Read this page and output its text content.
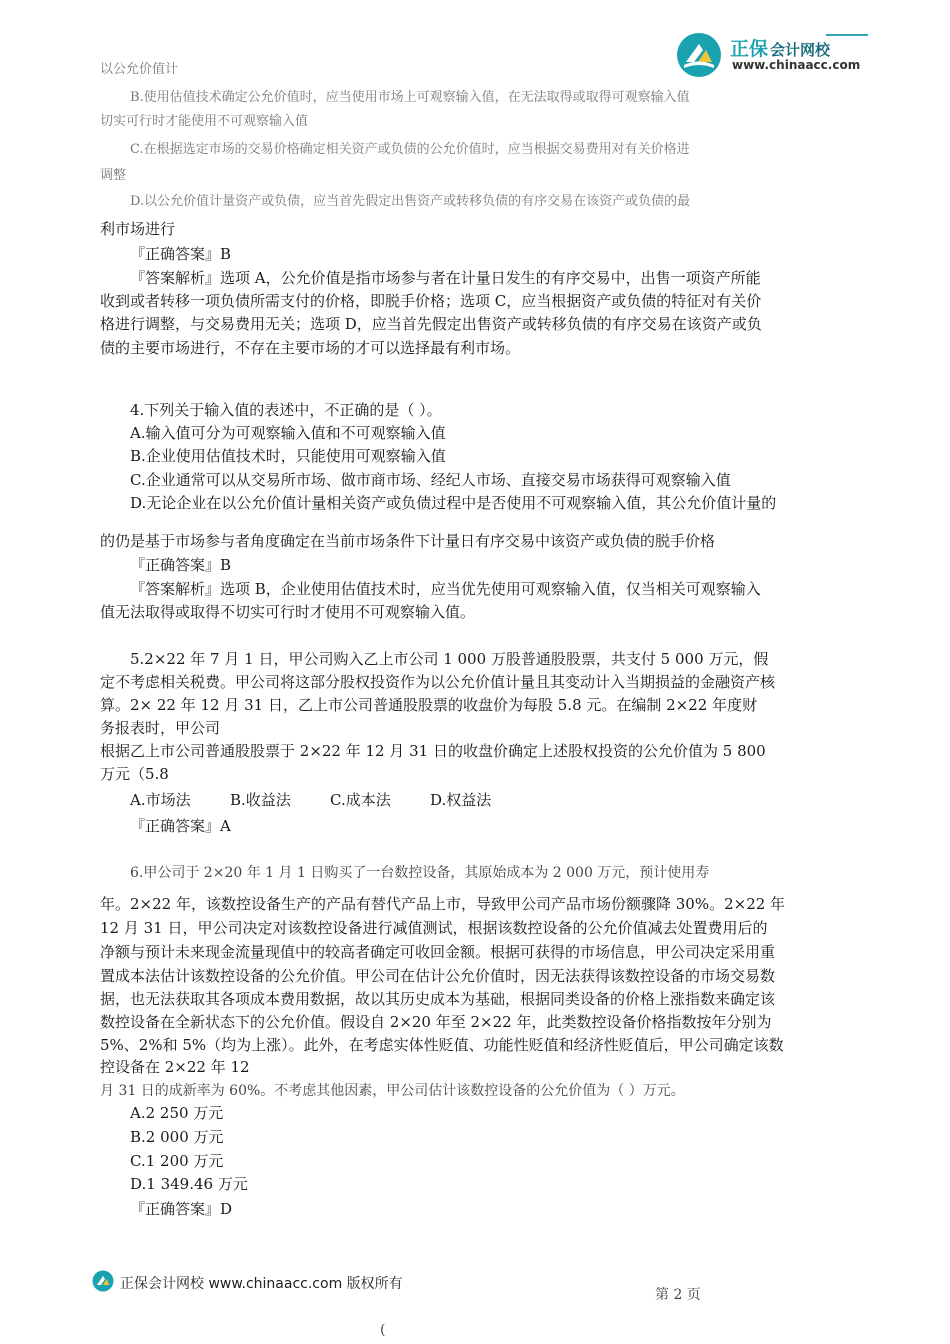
正保 会计网校
www.chinaacc.com
以公允价值计
B.使用估值技术确定公允价值时，应当使用市场上可观察输入值，在无法取得或取得可观察输入值
切实可行时才能使用不可观察输入值
C.在根据选定市场的交易价格确定相关资产或负债的公允价值时，应当根据交易费用对有关价格进
调整
D.以公允价值计量资产或负债，应当首先假定出售资产或转移负债的有序交易在该资产或负债的最
利市场进行
『正确答案』B
『答案解析』选项 A，公允价值是指市场参与者在计量日发生的有序交易中，出售一项资产所能
收到或者转移一项负债所需支付的价格，即脱手价格；选项 C，应当根据资产或负债的特征对有关价
格进行调整，与交易费用无关；选项 D，应当首先假定出售资产或转移负债的有序交易在该资产或负
债的主要市场进行，不存在主要市场的才可以选择最有利市场。
4.下列关于输入值的表述中，不正确的是（ ）。
A.输入值可分为可观察输入值和不可观察输入值
B.企业使用估值技术时，只能使用可观察输入值
C.企业通常可以从交易所市场、做市商市场、经纪人市场、直接交易市场获得可观察输入值
D.无论企业在以公允价值计量相关资产或负债过程中是否使用不可观察输入值，其公允价值计量的
的仍是基于市场参与者角度确定在当前市场条件下计量日有序交易中该资产或负债的脱手价格
『正确答案』B
『答案解析』选项 B，企业使用估值技术时，应当优先使用可观察输入值，仅当相关可观察输入
值无法取得或取得不切实可行时才使用不可观察输入值。
5.2×22 年 7 月 1 日，甲公司购入乙上市公司 1 000 万股普通股股票，共支付 5 000 万元，假
定不考虑相关税费。甲公司将这部分股权投资作为以公允价值计量且其变动计入当期损益的金融资产核
算。2× 22 年 12 月 31 日，乙上市公司普通股股票的收盘价为每股 5.8 元。在编制 2×22 年度财
务报表时，甲公司
根据乙上市公司普通股股票于 2×22 年 12 月 31 日的收盘价确定上述股权投资的公允价值为 5 800
万元（5.8
A.市场法	B.收益法	C.成本法	D.权益法
『正确答案』A
6.甲公司于 2×20 年 1 月 1 日购买了一台数控设备，其原始成本为 2 000 万元，预计使用寿
年。2×22 年，该数控设备生产的产品有替代产品上市，导致甲公司产品市场份额骤降 30%。2×22 年
12 月 31 日，甲公司决定对该数控设备进行减值测试，根据该数控设备的公允价值减去处置费用后的
净额与预计未来现金流量现值中的较高者确定可收回金额。根据可获得的市场信息，甲公司决定采用重
置成本法估计该数控设备的公允价值。甲公司在估计公允价值时，因无法获得该数控设备的市场交易数
据，也无法获取其各项成本费用数据，故以其历史成本为基础，根据同类设备的价格上涨指数来确定该
数控设备在全新状态下的公允价值。假设自 2×20 年至 2×22 年，此类数控设备价格指数按年分别为
5%、2%和 5%（均为上涨）。此外，在考虑实体性贬值、功能性贬值和经济性贬值后，甲公司确定该数
控设备在 2×22 年 12
月 31 日的成新率为 60%。不考虑其他因素，甲公司估计该数控设备的公允价值为（ ）万元。
A.2 250 万元
B.2 000 万元
C.1 200 万元
D.1 349.46 万元
『正确答案』D
正保会计网校 www.chinaacc.com 版权所有
第 2 页
(
